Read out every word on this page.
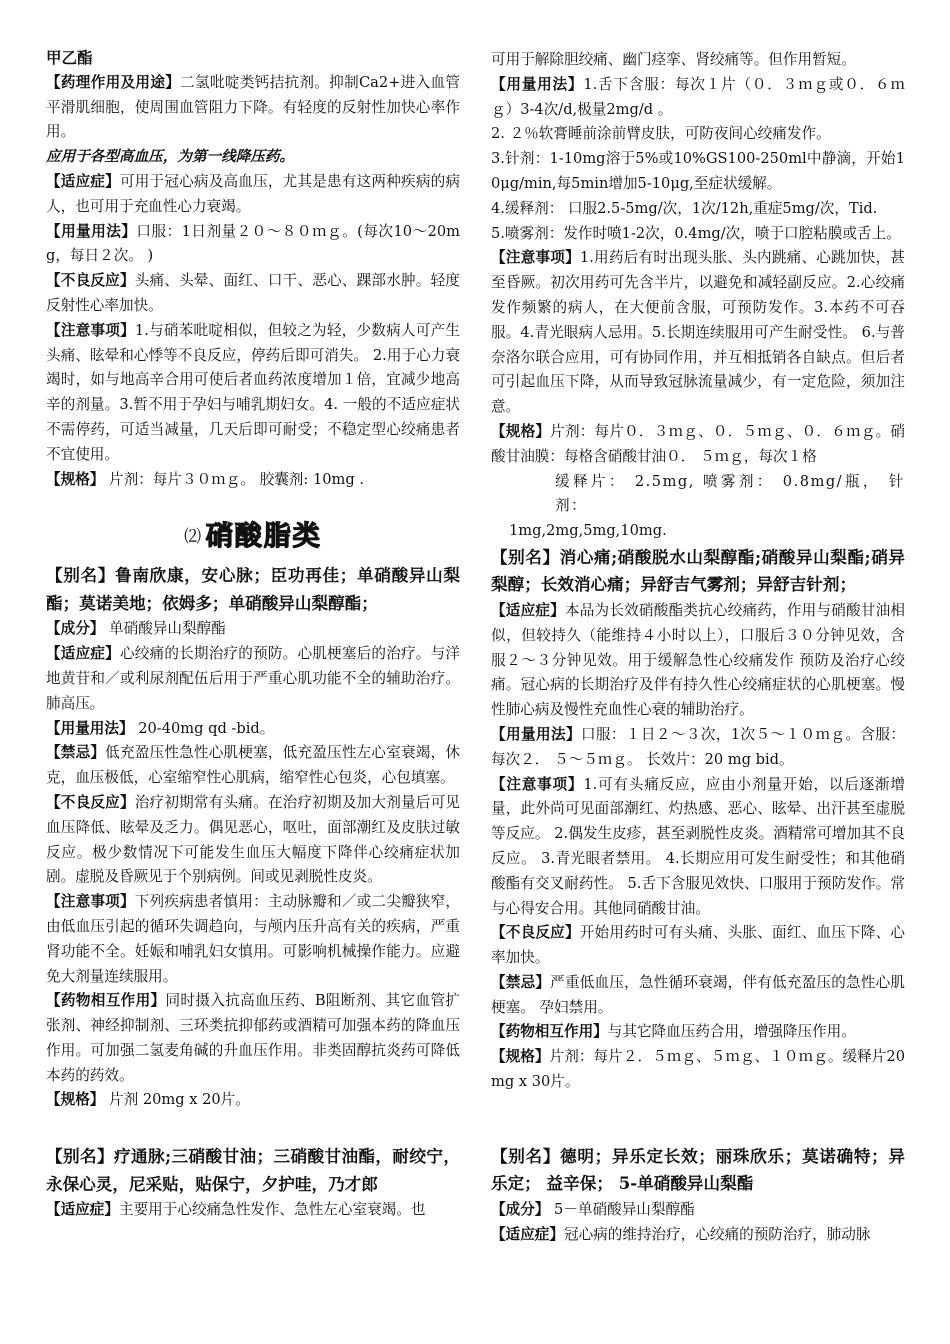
甲乙酯
【药理作用及用途】二氢吡啶类钙拮抗剂。抑制Ca2+进入血管平滑肌细胞，使周围血管阻力下降。有轻度的反射性加快心率作用。
应用于各型高血压，为第一线降压药。
【适应症】可用于冠心病及高血压，尤其是患有这两种疾病的病人，也可用于充血性心力衰竭。
【用量用法】口服：1日剂量２０～８０ｍｇ。(每次10～20mg，每日２次。 )
【不良反应】头痛、头晕、面红、口干、恶心、踝部水肿。轻度反射性心率加快。
【注意事项】1.与硝苯吡啶相似，但较之为轻，少数病人可产生头痛、眩晕和心悸等不良反应，停药后即可消失。 2.用于心力衰竭时，如与地高辛合用可使后者血药浓度增加１倍，宜减少地高辛的剂量。3.暂不用于孕妇与哺乳期妇女。4. 一般的不适应症状不需停药，可适当减量，几天后即可耐受；不稳定型心绞痛患者不宜使用。
【规格】 片剂：每片３０ｍｇ。 胶囊剂: 10mg .
⑵ 硝酸脂类
【别名】鲁南欣康，安心脉；臣功再佳；单硝酸异山梨酯；莫诺美地；依姆多；单硝酸异山梨醇酯；
【成分】 单硝酸异山梨醇酯
【适应症】心绞痛的长期治疗的预防。心肌梗塞后的治疗。与洋地黄苷和／或利尿剂配伍后用于严重心肌功能不全的辅助治疗。肺高压。
【用量用法】 20-40mg qd -bid。
【禁忌】低充盈压性急性心肌梗塞，低充盈压性左心室衰竭，休克，血压极低，心室缩窄性心肌病，缩窄性心包炎，心包填塞。
【不良反应】治疗初期常有头痛。在治疗初期及加大剂量后可见血压降低、眩晕及乏力。偶见恶心，呕吐，面部潮红及皮肤过敏反应。极少数情况下可能发生血压大幅度下降伴心绞痛症状加剧。虚脱及昏厥见于个别病例。间或见剥脱性皮炎。
【注意事项】下列疾病患者慎用：主动脉瓣和／或二尖瓣狭窄，由低血压引起的循环失调趋向，与颅内压升高有关的疾病，严重肾功能不全。妊娠和哺乳妇女慎用。可影响机械操作能力。应避免大剂量连续服用。
【药物相互作用】同时摄入抗高血压药、B阻断剂、其它血管扩张剂、神经抑制剂、三环类抗抑郁药或酒精可加强本药的降血压作用。可加强二氢麦角碱的升血压作用。非类固醇抗炎药可降低本药的药效。
【规格】 片剂 20mg x 20片。
【别名】疗通脉;三硝酸甘油；三硝酸甘油酯，耐绞宁，永保心灵，尼采贴，贴保宁，夕护哇，乃才郎
【适应症】主要用于心绞痛急性发作、急性左心室衰竭。也
可用于解除胆绞痛、幽门痉挛、肾绞痛等。但作用暂短。
【用量用法】1.舌下含服：每次１片（０．３ｍｇ或０．６ｍｇ）3-4次/d,极量2mg/d 。
2. ２％软膏睡前涂前臂皮肤，可防夜间心绞痛发作。
3.针剂：1-10mg溶于5%或10%GS100-250ml中静滴，开始10μg/min,每5min增加5-10μg,至症状缓解。
4.缓释剂： 口服2.5-5mg/次，1次/12h,重症5mg/次，Tid.
5.喷雾剂：发作时喷1-2次，0.4mg/次，喷于口腔粘膜或舌上。
【注意事项】1.用药后有时出现头胀、头内跳痛、心跳加快，甚至昏厥。初次用药可先含半片，以避免和减轻副反应。2.心绞痛发作频繁的病人，在大便前含服，可预防发作。3.本药不可吞服。4.青光眼病人忌用。5.长期连续服用可产生耐受性。 6.与普奈洛尔联合应用，可有协同作用，并互相抵销各自缺点。但后者可引起血压下降，从而导致冠脉流量减少，有一定危险，须加注意。
【规格】片剂：每片０．３ｍｇ、０．５ｍｇ、０．６ｍｇ。硝酸甘油膜：每格含硝酸甘油０． ５ｍｇ，每次１格
缓释片： 2.5mg, 喷雾剂： 0.8mg/瓶， 针剂：
1mg,2mg,5mg,10mg.
【别名】消心痛;硝酸脱水山梨醇酯;硝酸异山梨酯;硝异梨醇；长效消心痛；异舒吉气雾剂；异舒吉针剂；
【适应症】本品为长效硝酸酯类抗心绞痛药，作用与硝酸甘油相似，但较持久（能维持４小时以上），口服后３０分钟见效，含服２～３分钟见效。用于缓解急性心绞痛发作 预防及治疗心绞痛。冠心病的长期治疗及伴有持久性心绞痛症状的心肌梗塞。慢性肺心病及慢性充血性心衰的辅助治疗。
【用量用法】口服：１日２～３次，1次５～１０ｍｇ。含服：每次２． ５～５ｍｇ。 长效片：20 mg bid。
【注意事项】1.可有头痛反应，应由小剂量开始，以后逐渐增量，此外尚可见面部潮红、灼热感、恶心、眩晕、出汗甚至虚脱等反应。 2.偶发生皮疹，甚至剥脱性皮炎。酒精常可增加其不良反应。 3.青光眼者禁用。 4.长期应用可发生耐受性；和其他硝酸酯有交叉耐药性。 5.舌下含服见效快、口服用于预防发作。常与心得安合用。其他同硝酸甘油。
【不良反应】开始用药时可有头痛、头胀、面红、血压下降、心率加快。
【禁忌】严重低血压，急性循环衰竭，伴有低充盈压的急性心肌梗塞。 孕妇禁用。
【药物相互作用】与其它降血压药合用，增强降压作用。
【规格】片剂：每片２．５ｍｇ、５ｍｇ、１０ｍｇ。缓释片20mg x 30片。
【别名】德明；异乐定长效；丽珠欣乐；莫诺确特；异乐定； 益辛保； 5-单硝酸异山梨酯
【成分】 5－单硝酸异山梨醇酯
【适应症】冠心病的维持治疗，心绞痛的预防治疗，肺动脉
